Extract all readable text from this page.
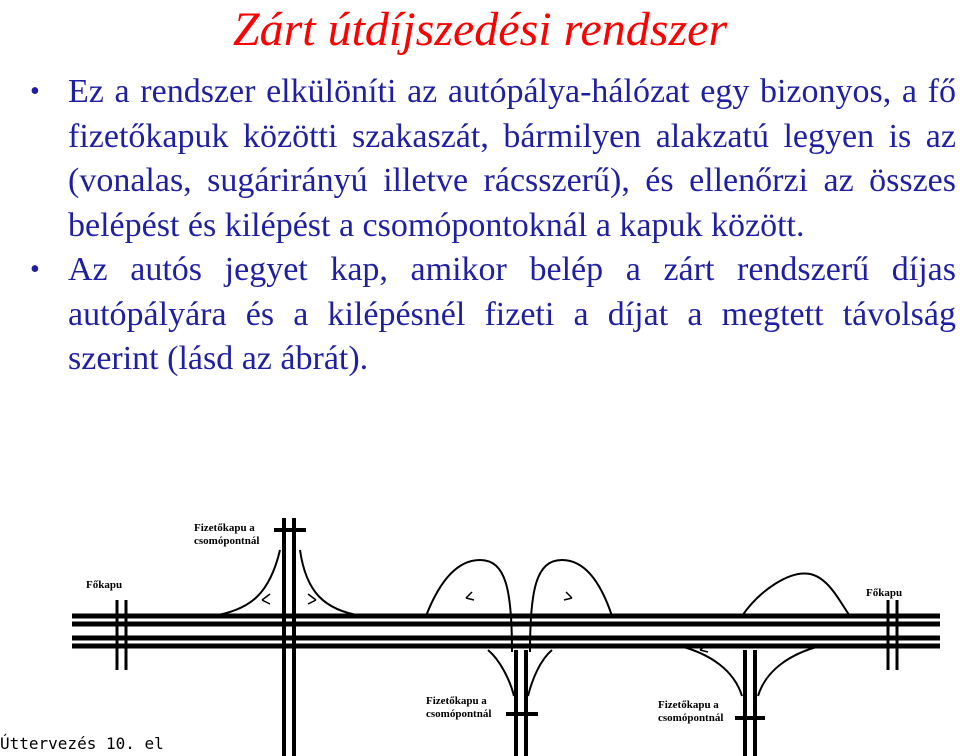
Zárt útdíjszedési rendszer
• Ez a rendszer elkülöníti az autópálya-hálózat egy bizonyos, a fő fizetőkapuk közötti szakaszát, bármilyen alakzatú legyen is az (vonalas, sugárirányú illetve rácsszerű), és ellenőrzi az összes belépést és kilépést a csomópontoknál a kapuk között.
• Az autós jegyet kap, amikor belép a zárt rendszerű díjas autópályára és a kilépésnél fizeti a díjat a megtett távolság szerint (lásd az ábrát).
Főkapu
Főkapu
Fizetőkapu a
csomópontnál
Fizetőkapu a
csomópontnál
Fizetőkapu a
csomópontnál
Úttervezés 10. el
